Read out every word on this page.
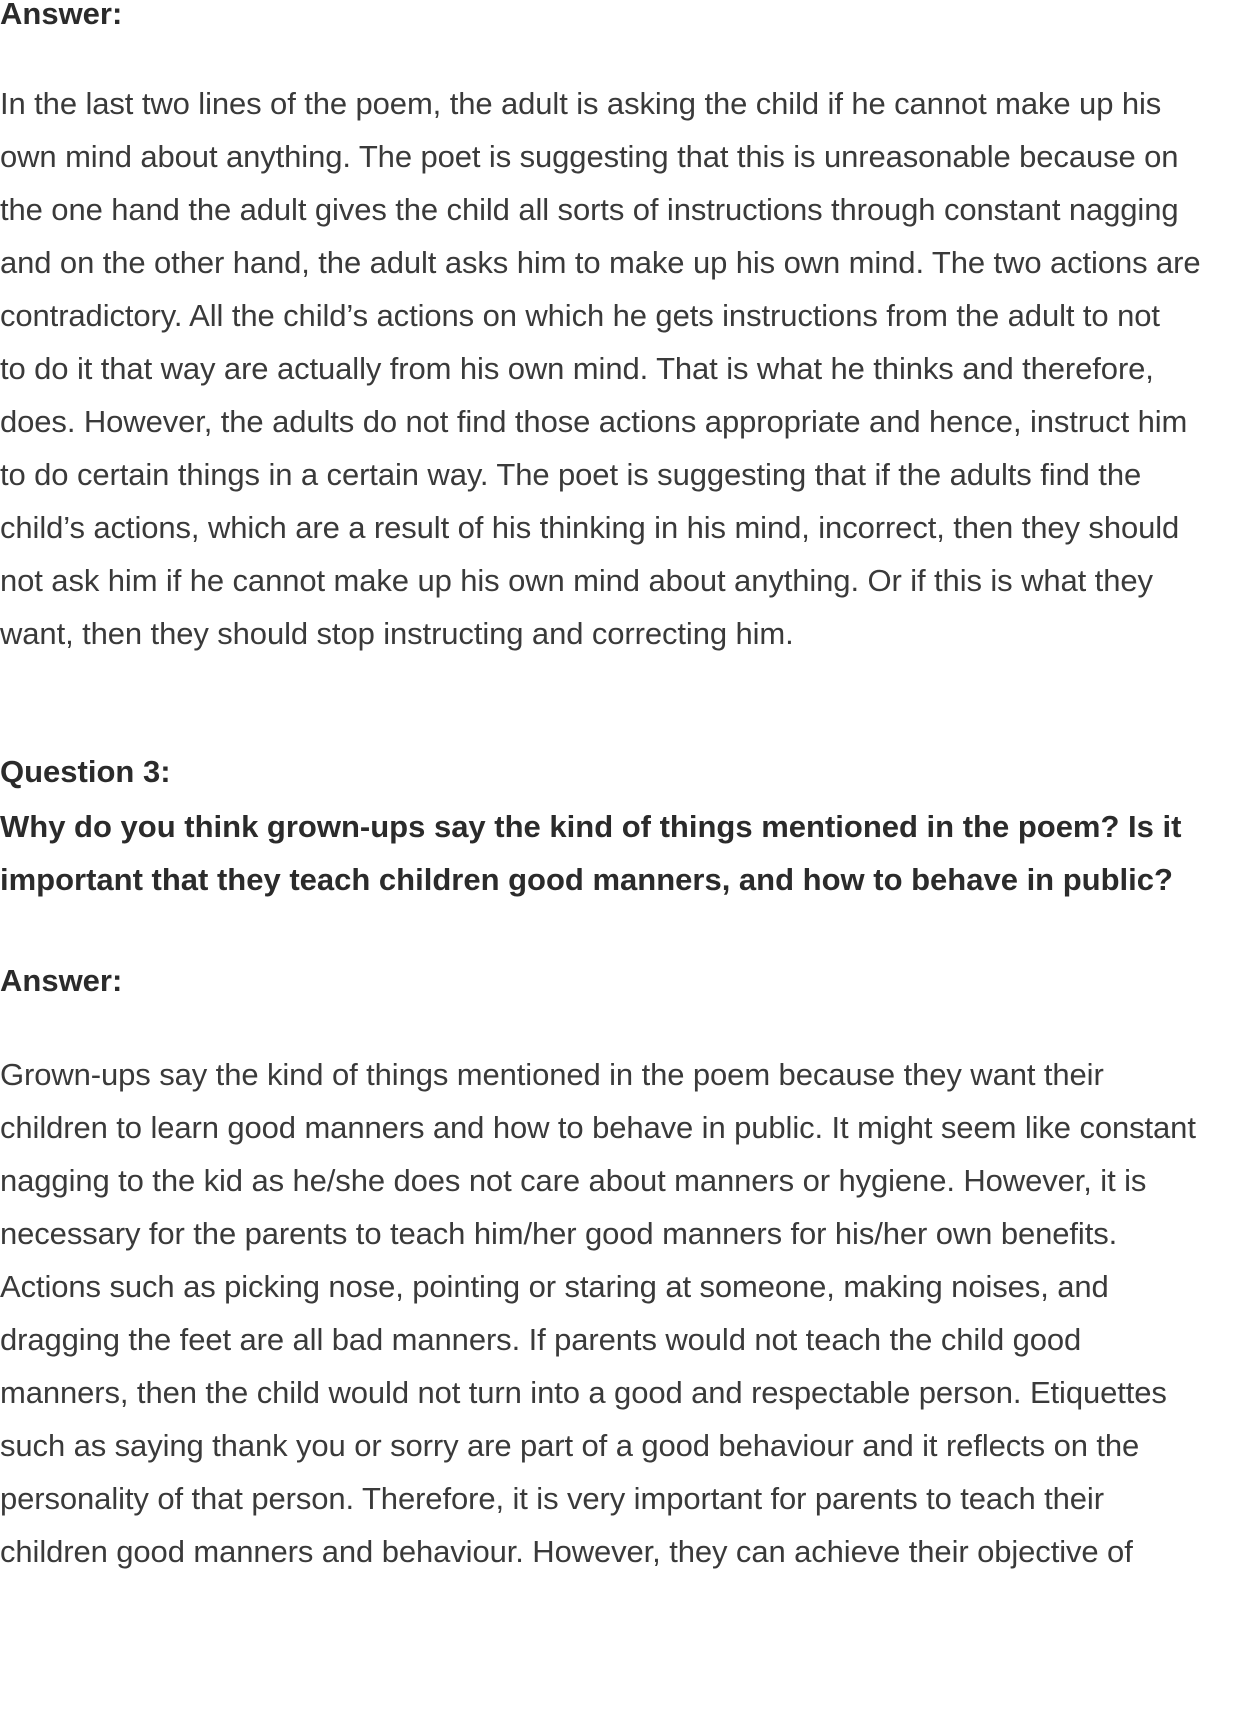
Answer:
In the last two lines of the poem, the adult is asking the child if he cannot make up his
own mind about anything. The poet is suggesting that this is unreasonable because on
the one hand the adult gives the child all sorts of instructions through constant nagging
and on the other hand, the adult asks him to make up his own mind. The two actions are
contradictory. All the child’s actions on which he gets instructions from the adult to not
to do it that way are actually from his own mind. That is what he thinks and therefore,
does. However, the adults do not find those actions appropriate and hence, instruct him
to do certain things in a certain way. The poet is suggesting that if the adults find the
child’s actions, which are a result of his thinking in his mind, incorrect, then they should
not ask him if he cannot make up his own mind about anything. Or if this is what they
want, then they should stop instructing and correcting him.
Question 3:
Why do you think grown-ups say the kind of things mentioned in the poem? Is it
important that they teach children good manners, and how to behave in public?
Answer:
Grown-ups say the kind of things mentioned in the poem because they want their
children to learn good manners and how to behave in public. It might seem like constant
nagging to the kid as he/she does not care about manners or hygiene. However, it is
necessary for the parents to teach him/her good manners for his/her own benefits.
Actions such as picking nose, pointing or staring at someone, making noises, and
dragging the feet are all bad manners. If parents would not teach the child good
manners, then the child would not turn into a good and respectable person. Etiquettes
such as saying thank you or sorry are part of a good behaviour and it reflects on the
personality of that person. Therefore, it is very important for parents to teach their
children good manners and behaviour. However, they can achieve their objective of
